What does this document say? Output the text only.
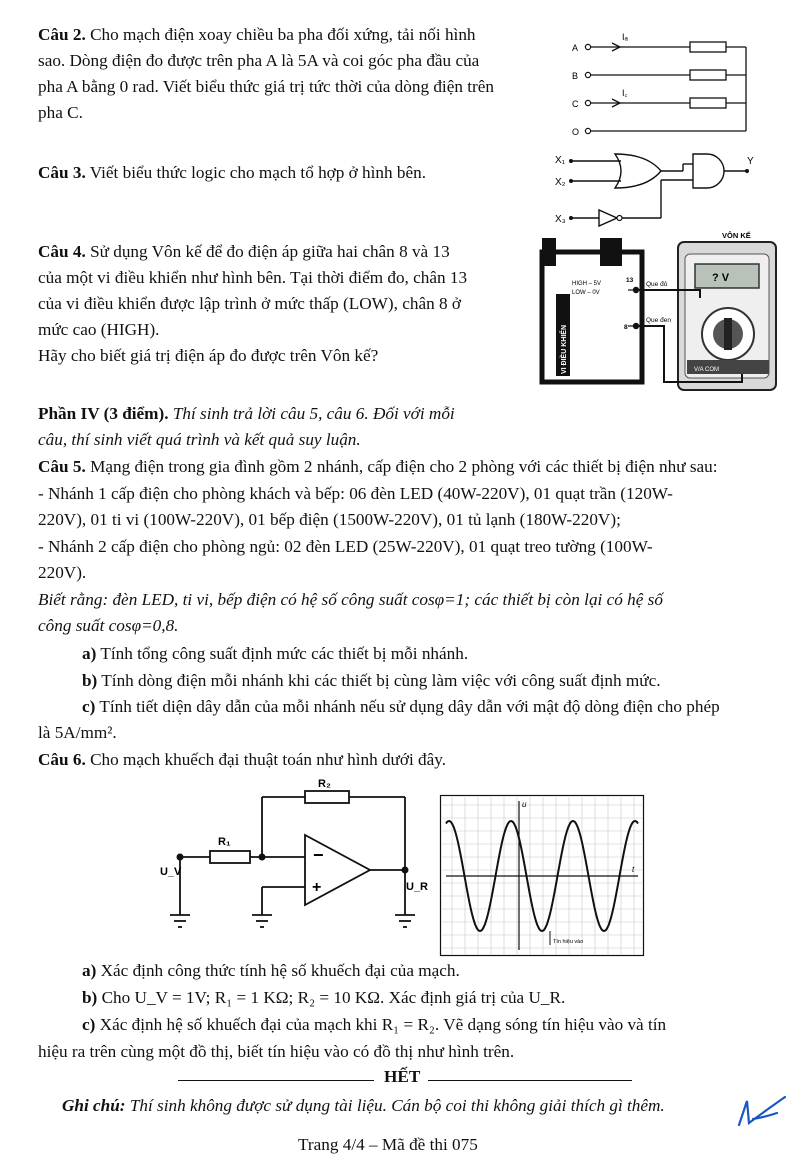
Câu 2. Cho mạch điện xoay chiều ba pha đối xứng, tải nối hình
sao. Dòng điện đo được trên pha A là 5A và coi góc pha đầu của
pha A bằng 0 rad. Viết biểu thức giá trị tức thời của dòng điện trên
pha C.
A
B
C
O
Iₐ
I꜀
Câu 3. Viết biểu thức logic cho mạch tổ hợp ở hình bên.
X₁
X₂
X₃
Y
Câu 4. Sử dụng Vôn kế để đo điện áp giữa hai chân 8 và 13
của một vi điều khiển như hình bên. Tại thời điểm đo, chân 13
của vi điều khiển được lập trình ở mức thấp (LOW), chân 8 ở
mức cao (HIGH).
Hãy cho biết giá trị điện áp đo được trên Vôn kế?
VÔN KẾ
? V
HIGH – 5V
LOW – 0V
13
8
Que đỏ
Que đen
VI ĐIỀU KHIỂN	V/A COM
Phần IV (3 điểm). Thí sinh trả lời câu 5, câu 6. Đối với mỗi
câu, thí sinh viết quá trình và kết quả suy luận.
Câu 5. Mạng điện trong gia đình gồm 2 nhánh, cấp điện cho 2 phòng với các thiết bị điện như sau:
- Nhánh 1 cấp điện cho phòng khách và bếp: 06 đèn LED (40W-220V), 01 quạt trần (120W-
220V), 01 ti vi (100W-220V), 01 bếp điện (1500W-220V), 01 tủ lạnh (180W-220V);
- Nhánh 2 cấp điện cho phòng ngủ: 02 đèn LED (25W-220V), 01 quạt treo tường (100W-
220V).
Biết rằng: đèn LED, ti vi, bếp điện có hệ số công suất cosφ=1; các thiết bị còn lại có hệ số
công suất cosφ=0,8.
a) Tính tổng công suất định mức các thiết bị mỗi nhánh.
b) Tính dòng điện mỗi nhánh khi các thiết bị cùng làm việc với công suất định mức.
c) Tính tiết diện dây dẫn của mỗi nhánh nếu sử dụng dây dẫn với mật độ dòng điện cho phép
là 5A/mm².
Câu 6. Cho mạch khuếch đại thuật toán như hình dưới đây.
−
+
R₁
R₂
U_V
U_R
u
t
Tín hiệu vào
a) Xác định công thức tính hệ số khuếch đại của mạch.
b) Cho U_V = 1V; R₁ = 1 KΩ; R₂ = 10 KΩ. Xác định giá trị của U_R.
c) Xác định hệ số khuếch đại của mạch khi R₁ = R₂. Vẽ dạng sóng tín hiệu vào và tín
hiệu ra trên cùng một đồ thị, biết tín hiệu vào có đồ thị như hình trên.
HẾT
Ghi chú: Thí sinh không được sử dụng tài liệu. Cán bộ coi thi không giải thích gì thêm.
Trang 4/4 – Mã đề thi 075
